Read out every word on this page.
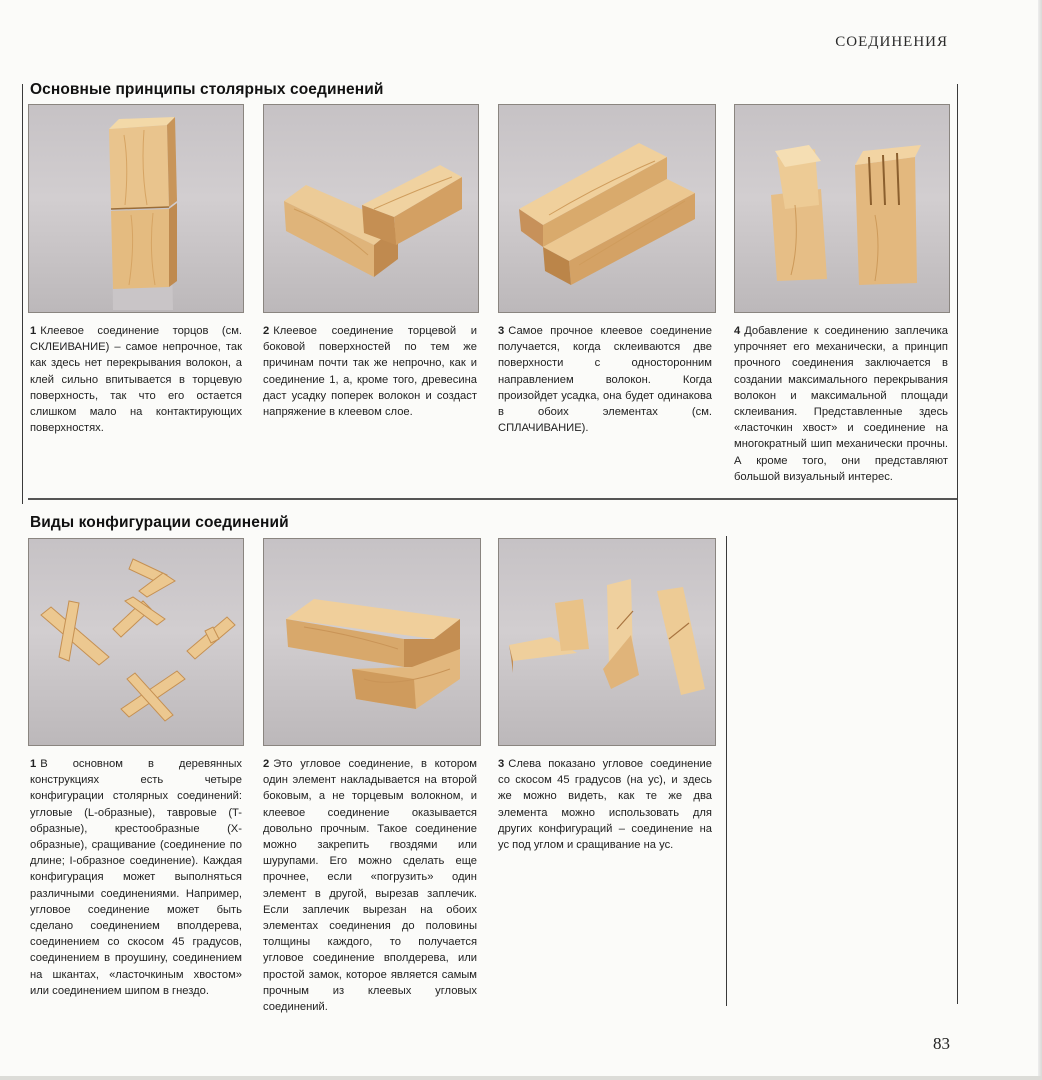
СОЕДИНЕНИЯ
Основные принципы столярных соединений
1 Клеевое соединение торцов (см. СКЛЕИВАНИЕ) – самое непрочное, так как здесь нет перекрывания волокон, а клей сильно впитывается в торцевую поверхность, так что его остается слишком мало на контактирующих поверхностях.
2 Клеевое соединение торцевой и боковой поверхностей по тем же причинам почти так же непрочно, как и соединение 1, а, кроме того, древесина даст усадку поперек волокон и создаст напряжение в клеевом слое.
3 Самое прочное клеевое соединение получается, когда склеиваются две поверхности с односторонним направлением волокон. Когда произойдет усадка, она будет одинакова в обоих элементах (см. СПЛАЧИВАНИЕ).
4 Добавление к соединению заплечика упрочняет его механически, а принцип прочного соединения заключается в создании максимального перекрывания волокон и максимальной площади склеивания. Представленные здесь «ласточкин хвост» и соединение на многократный шип механически прочны. А кроме того, они представляют большой визуальный интерес.
Виды конфигурации соединений
1 В основном в деревянных конструкциях есть четыре конфигурации столярных соединений: угловые (L-образные), тавровые (T-образные), крестообразные (X-образные), сращивание (соединение по длине; I-образное соединение). Каждая конфигурация может выполняться различными соединениями. Например, угловое соединение может быть сделано соединением вполдерева, соединением со скосом 45 градусов, соединением в проушину, соединением на шкантах, «ласточкиным хвостом» или соединением шипом в гнездо.
2 Это угловое соединение, в котором один элемент накладывается на второй боковым, а не торцевым волокном, и клеевое соединение оказывается довольно прочным. Такое соединение можно закрепить гвоздями или шурупами. Его можно сделать еще прочнее, если «погрузить» один элемент в другой, вырезав заплечик. Если заплечик вырезан на обоих элементах соединения до половины толщины каждого, то получается угловое соединение вполдерева, или простой замок, которое является самым прочным из клеевых угловых соединений.
3 Слева показано угловое соединение со скосом 45 градусов (на ус), и здесь же можно видеть, как те же два элемента можно использовать для других конфигураций – соединение на ус под углом и сращивание на ус.
83
